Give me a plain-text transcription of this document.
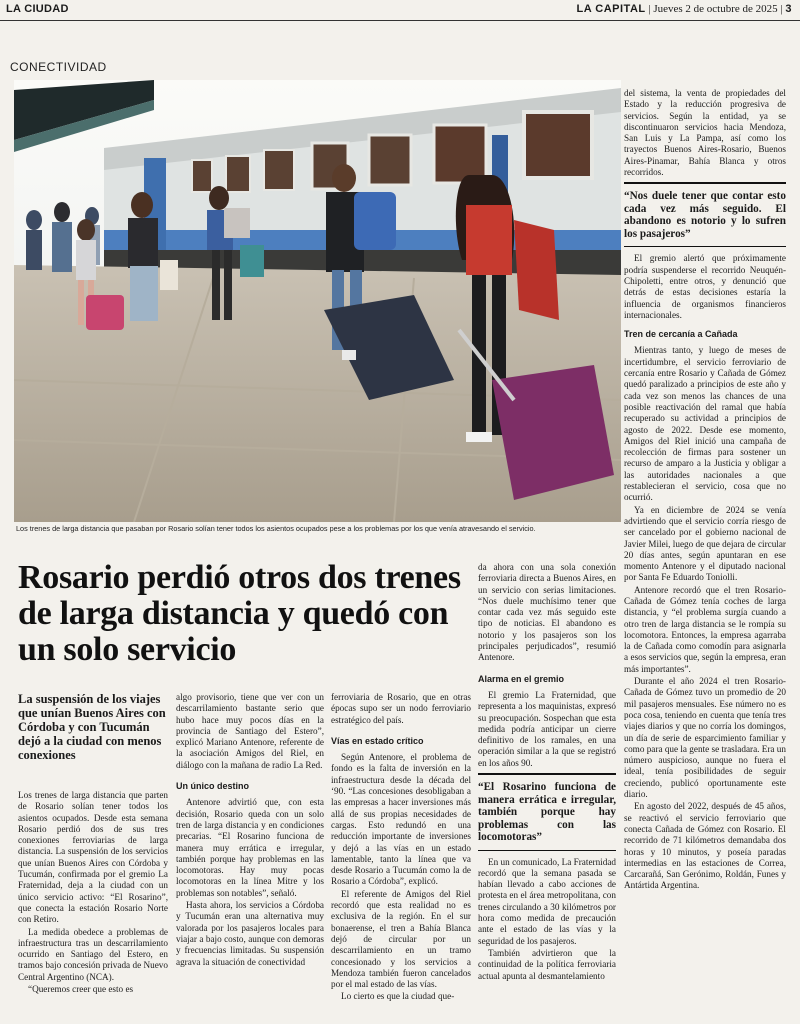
LA CIUDAD	LA CAPITAL | Jueves 2 de octubre de 2025 | 3
CONECTIVIDAD
Los trenes de larga distancia que pasaban por Rosario solían tener todos los asientos ocupados pese a los problemas por los que venía atravesando el servicio.
Rosario perdió otros dos trenes de larga distancia y quedó con un solo servicio
La suspensión de los viajes que unían Buenos Aires con Córdoba y con Tucumán dejó a la ciudad con menos conexiones

Los trenes de larga distancia que parten de Rosario solían tener todos los asientos ocupados. Desde esta semana Rosario perdió dos de sus tres conexiones ferroviarias de larga distancia. La suspensión de los servicios que unían Buenos Aires con Córdoba y Tucumán, confirmada por el gremio La Fraternidad, deja a la ciudad con un único servicio activo: “El Rosarino”, que conecta la estación Rosario Norte con Retiro.

La medida obedece a problemas de infraestructura tras un descarrilamiento ocurrido en Santiago del Estero, en tramos bajo concesión privada de Nuevo Central Argentino (NCA).

“Queremos creer que esto es

algo provisorio, tiene que ver con un descarrilamiento bastante serio que hubo hace muy pocos días en la provincia de Santiago del Estero”, explicó Mariano Antenore, referente de la asociación Amigos del Riel, en diálogo con la mañana de radio La Red.

Un único destino

Antenore advirtió que, con esta decisión, Rosario queda con un solo tren de larga distancia y en condiciones precarias. “El Rosarino funciona de manera muy errática e irregular, también porque hay problemas en las locomotoras. Hay muy pocas locomotoras en la línea Mitre y los problemas son notables”, señaló.

Hasta ahora, los servicios a Córdoba y Tucumán eran una alternativa muy valorada por los pasajeros locales para viajar a bajo costo, aunque con demoras y frecuencias limitadas. Su suspensión agrava la situación de conectividad

ferroviaria de Rosario, que en otras épocas supo ser un nodo ferroviario estratégico del país.

Vías en estado crítico

Según Antenore, el problema de fondo es la falta de inversión en la infraestructura desde la década del ‘90. “Las concesiones desobligaban a las empresas a hacer inversiones más allá de sus propias necesidades de cargas. Esto redundó en una reducción importante de inversiones y dejó a las vías en un estado lamentable, tanto la línea que va desde Rosario a Tucumán como la de Rosario a Córdoba”, explicó.

El referente de Amigos del Riel recordó que esta realidad no es exclusiva de la región. En el sur bonaerense, el tren a Bahía Blanca dejó de circular por un descarrilamiento en un tramo concesionado y los servicios a Mendoza también fueron cancelados por el mal estado de las vías.

Lo cierto es que la ciudad que-

da ahora con una sola conexión ferroviaria directa a Buenos Aires, en un servicio con serias limitaciones. “Nos duele muchísimo tener que contar cada vez más seguido este tipo de noticias. El abandono es notorio y los pasajeros son los principales perjudicados”, resumió Antenore.

Alarma en el gremio

El gremio La Fraternidad, que representa a los maquinistas, expresó su preocupación. Sospechan que esta medida podría anticipar un cierre definitivo de los ramales, en una operación similar a la que se registró en los años 90.

“El Rosarino funciona de manera errática e irregular, también porque hay problemas con las locomotoras”

En un comunicado, La Fraternidad recordó que la semana pasada se habían llevado a cabo acciones de protesta en el área metropolitana, con trenes circulando a 30 kilómetros por hora como medida de precaución ante el estado de las vías y la seguridad de los pasajeros.

También advirtieron que la continuidad de la política ferroviaria actual apunta al desmantelamiento

del sistema, la venta de propiedades del Estado y la reducción progresiva de servicios. Según la entidad, ya se discontinuaron servicios hacia Mendoza, San Luis y La Pampa, así como los trayectos Buenos Aires-Rosario, Buenos Aires-Pinamar, Bahía Blanca y otros recorridos.

“Nos duele tener que contar esto cada vez más seguido. El abandono es notorio y lo sufren los pasajeros”

El gremio alertó que próximamente podría suspenderse el recorrido Neuquén-Chipoletti, entre otros, y denunció que detrás de estas decisiones estaría la influencia de organismos financieros internacionales.

Tren de cercanía a Cañada

Mientras tanto, y luego de meses de incertidumbre, el servicio ferroviario de cercanía entre Rosario y Cañada de Gómez quedó paralizado a principios de este año y cada vez son menos las chances de una posible reactivación del ramal que había recuperado su actividad a principios de agosto de 2022. Desde ese momento, Amigos del Riel inició una campaña de recolección de firmas para sostener un recurso de amparo a la Justicia y obligar a las autoridades nacionales a que restablecieran el servicio, cosa que no ocurrió.

Ya en diciembre de 2024 se venía advirtiendo que el servicio corría riesgo de ser cancelado por el gobierno nacional de Javier Milei, luego de que dejara de circular 20 días antes, según apuntaran en ese momento Antenore y el diputado nacional por Santa Fe Eduardo Toniolli.

Antenore recordó que el tren Rosario-Cañada de Gómez tenía coches de larga distancia, y “el problema surgía cuando a otro tren de larga distancia se le rompía su locomotora. Entonces, la empresa agarraba la de Cañada como comodín para asignarla a esos servicios que, según la empresa, eran más importantes”.

Durante el año 2024 el tren Rosario-Cañada de Gómez tuvo un promedio de 20 mil pasajeros mensuales. Ese número no es poca cosa, teniendo en cuenta que tenía tres viajes diarios y que no corría los domingos, un día de serie de esparcimiento familiar y como para que la gente se trasladara. Era un número auspicioso, aunque no fuera el ideal, tenía posibilidades de seguir creciendo, publicó oportunamente este diario.

En agosto del 2022, después de 45 años, se reactivó el servicio ferroviario que conecta Cañada de Gómez con Rosario. El recorrido de 71 kilómetros demandaba dos horas y 10 minutos, y poseía paradas intermedias en las estaciones de Correa, Carcarañá, San Gerónimo, Roldán, Funes y Antártida Argentina.
